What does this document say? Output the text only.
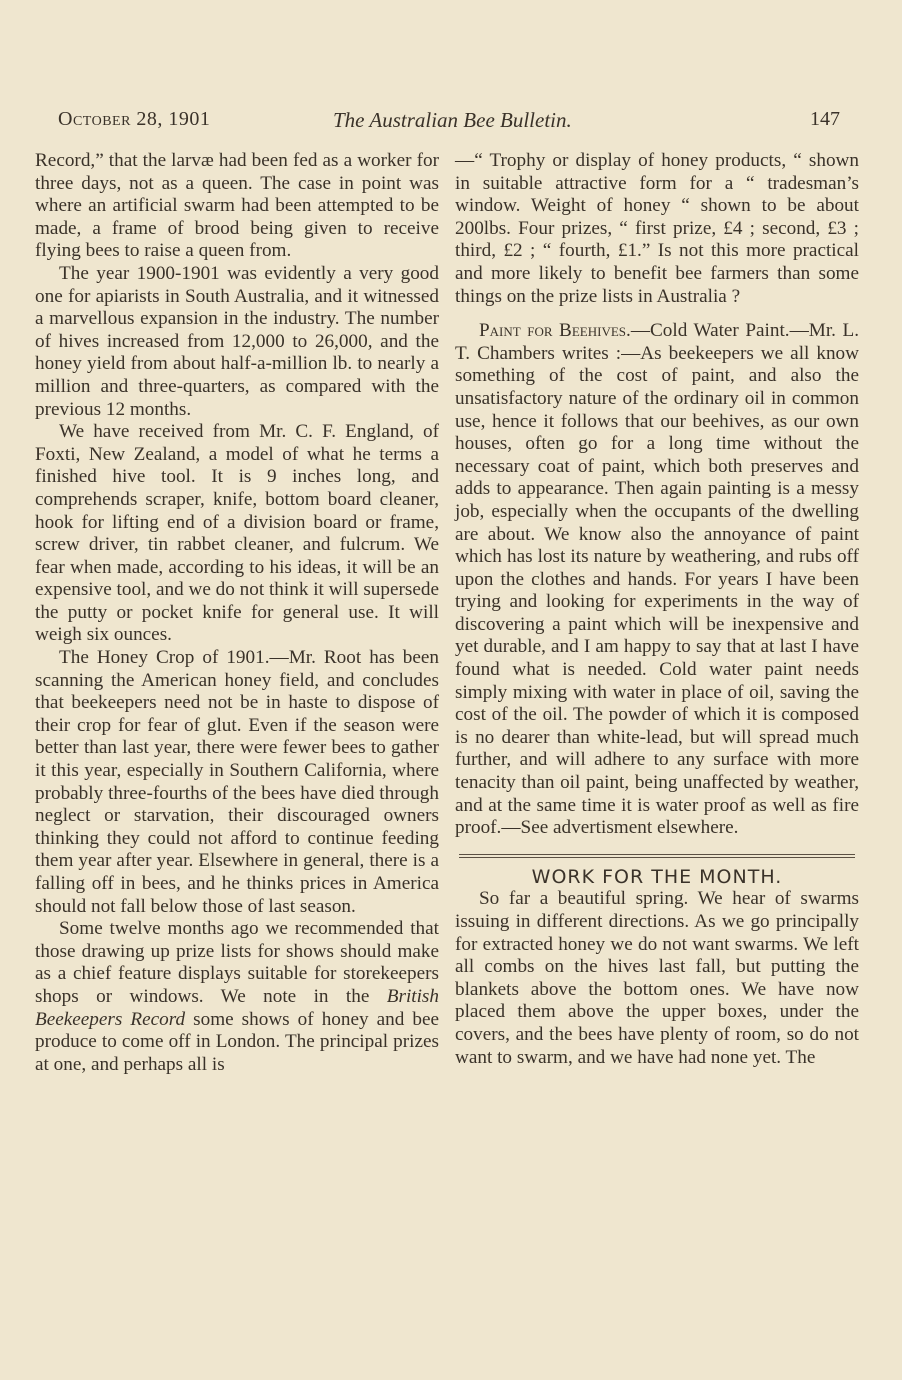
October 28, 1901	The Australian Bee Bulletin.	147

Record,” that the larvæ had been fed as a worker for three days, not as a queen. The case in point was where an artificial swarm had been attempted to be made, a frame of brood being given to receive flying bees to raise a queen from.

The year 1900-1901 was evidently a very good one for apiarists in South Australia, and it witnessed a marvellous expansion in the industry. The number of hives increased from 12,000 to 26,000, and the honey yield from about half-a-million lb. to nearly a million and three-quarters, as compared with the previous 12 months.

We have received from Mr. C. F. England, of Foxti, New Zealand, a model of what he terms a finished hive tool. It is 9 inches long, and comprehends scraper, knife, bottom board cleaner, hook for lifting end of a division board or frame, screw driver, tin rabbet cleaner, and fulcrum. We fear when made, according to his ideas, it will be an expensive tool, and we do not think it will supersede the putty or pocket knife for general use. It will weigh six ounces.

The Honey Crop of 1901.—Mr. Root has been scanning the American honey field, and concludes that beekeepers need not be in haste to dispose of their crop for fear of glut. Even if the season were better than last year, there were fewer bees to gather it this year, especially in Southern California, where probably three-fourths of the bees have died through neglect or starvation, their discouraged owners thinking they could not afford to continue feeding them year after year. Elsewhere in general, there is a falling off in bees, and he thinks prices in America should not fall below those of last season.

Some twelve months ago we recommended that those drawing up prize lists for shows should make as a chief feature displays suitable for storekeepers shops or windows. We note in the British Beekeepers Record some shows of honey and bee produce to come off in London. The principal prizes at one, and perhaps all is

—“ Trophy or display of honey products, “ shown in suitable attractive form for a “ tradesman’s window. Weight of honey “ shown to be about 200lbs. Four prizes, “ first prize, £4 ; second, £3 ; third, £2 ; “ fourth, £1.” Is not this more practical and more likely to benefit bee farmers than some things on the prize lists in Australia ?

Paint for Beehives.—Cold Water Paint.—Mr. L. T. Chambers writes :—As beekeepers we all know something of the cost of paint, and also the unsatisfactory nature of the ordinary oil in common use, hence it follows that our beehives, as our own houses, often go for a long time without the necessary coat of paint, which both preserves and adds to appearance. Then again painting is a messy job, especially when the occupants of the dwelling are about. We know also the annoyance of paint which has lost its nature by weathering, and rubs off upon the clothes and hands. For years I have been trying and looking for experiments in the way of discovering a paint which will be inexpensive and yet durable, and I am happy to say that at last I have found what is needed. Cold water paint needs simply mixing with water in place of oil, saving the cost of the oil. The powder of which it is composed is no dearer than white-lead, but will spread much further, and will adhere to any surface with more tenacity than oil paint, being unaffected by weather, and at the same time it is water proof as well as fire proof.—See advertisment elsewhere.

WORK FOR THE MONTH.

So far a beautiful spring. We hear of swarms issuing in different directions. As we go principally for extracted honey we do not want swarms. We left all combs on the hives last fall, but putting the blankets above the bottom ones. We have now placed them above the upper boxes, under the covers, and the bees have plenty of room, so do not want to swarm, and we have had none yet. The
